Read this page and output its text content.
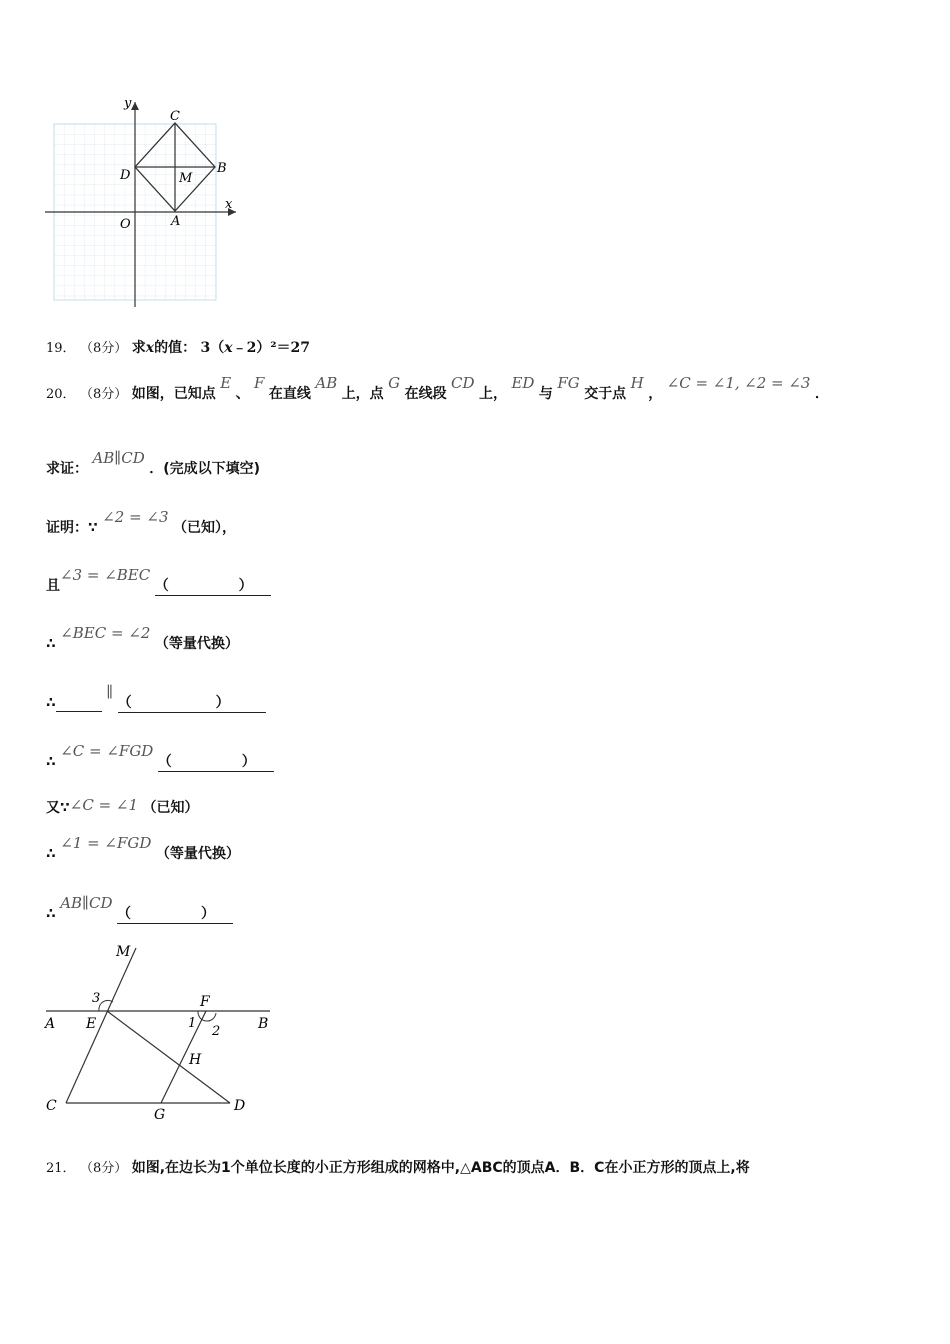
y
x
C
B
D	M
O	A
19． （8分） 求x的值： 3（x﹣2）²＝27
20． （8分） 如图，已知点 E 、 F 在直线 AB 上，点 G 在线段 CD 上， ED 与 FG 交于点 H ， ∠C = ∠1, ∠2 = ∠3 ．
求证： AB∥CD ．(完成以下填空)
证明：∵ ∠2 = ∠3 （已知），
且∠3 = ∠BEC （　　　　　）
∴ ∠BEC = ∠2 （等量代换）
∴  ∥ （　　　　　　）
∴ ∠C = ∠FGD （　　　　　）
又∵∠C = ∠1 （已知）
∴ ∠1 = ∠FGD （等量代换）
∴ AB∥CD （　　　　　）
M
3	F
A E	1
2	B
H
C
G
D
21． （8分） 如图,在边长为1个单位长度的小正方形组成的网格中,△ABC的顶点A．B．C在小正方形的顶点上,将
